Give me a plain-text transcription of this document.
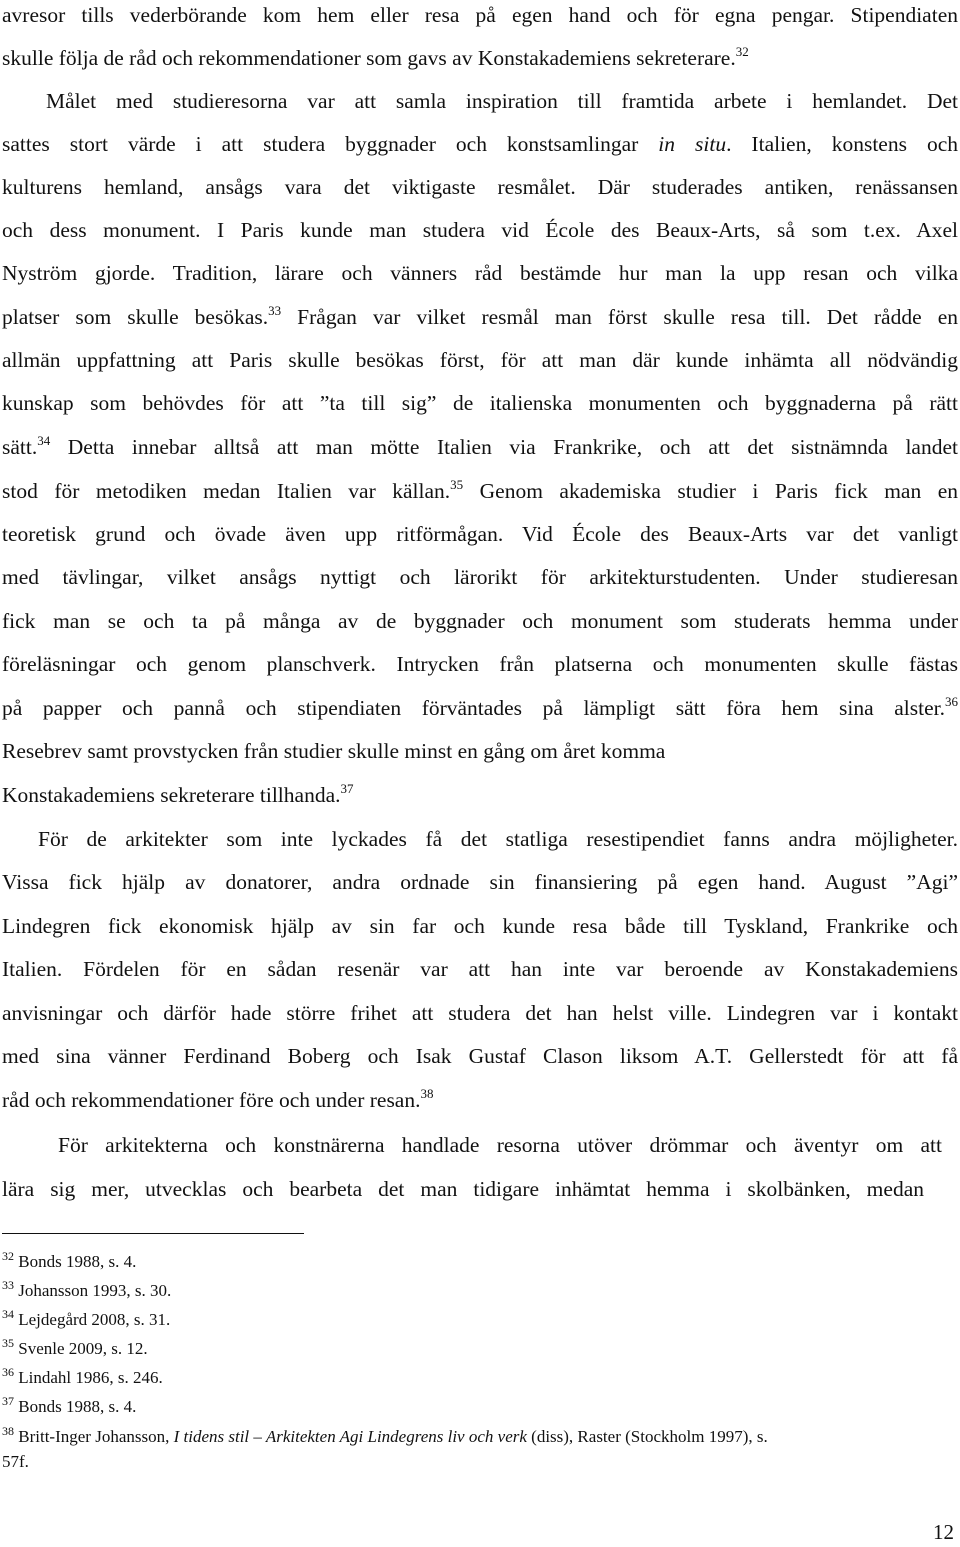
avresor tills vederbörande kom hem eller resa på egen hand och för egna pengar. Stipendiaten
skulle följa de råd och rekommendationer som gavs av Konstakademiens sekreterare.$^{32}$
Målet med studieresorna var att samla inspiration till framtida arbete i hemlandet. Det
sattes stort värde i att studera byggnader och konstsamlingar in situ. Italien, konstens och
kulturens hemland, ansågs vara det viktigaste resmålet. Där studerades antiken, renässansen
och dess monument. I Paris kunde man studera vid École des Beaux-Arts, så som t.ex. Axel
Nyström gjorde. Tradition, lärare och vänners råd bestämde hur man la upp resan och vilka
platser som skulle besökas.$^{33}$ Frågan var vilket resmål man först skulle resa till. Det rådde en
allmän uppfattning att Paris skulle besökas först, för att man där kunde inhämta all nödvändig
kunskap som behövdes för att ”ta till sig” de italienska monumenten och byggnaderna på rätt
sätt.$^{34}$ Detta innebar alltså att man mötte Italien via Frankrike, och att det sistnämnda landet
stod för metodiken medan Italien var källan.$^{35}$ Genom akademiska studier i Paris fick man en
teoretisk grund och övade även upp ritförmågan. Vid École des Beaux-Arts var det vanligt
med tävlingar, vilket ansågs nyttigt och lärorikt för arkitekturstudenten. Under studieresan
fick man se och ta på många av de byggnader och monument som studerats hemma under
föreläsningar och genom planschverk. Intrycken från platserna och monumenten skulle fästas
på papper och pannå och stipendiaten förväntades på lämpligt sätt föra hem sina alster.$^{36}$
Resebrev samt provstycken från studier skulle minst en gång om året komma
Konstakademiens sekreterare tillhanda.$^{37}$
För de arkitekter som inte lyckades få det statliga resestipendiet fanns andra möjligheter.
Vissa fick hjälp av donatorer, andra ordnade sin finansiering på egen hand. August ”Agi”
Lindegren fick ekonomisk hjälp av sin far och kunde resa både till Tyskland, Frankrike och
Italien. Fördelen för en sådan resenär var att han inte var beroende av Konstakademiens
anvisningar och därför hade större frihet att studera det han helst ville. Lindegren var i kontakt
med sina vänner Ferdinand Boberg och Isak Gustaf Clason liksom A.T. Gellerstedt för att få
råd och rekommendationer före och under resan.$^{38}$
För arkitekterna och konstnärerna handlade resorna utöver drömmar och äventyr om att
lära sig mer, utvecklas och bearbeta det man tidigare inhämtat hemma i skolbänken, medan
$^{32}$ Bonds 1988, s. 4.
$^{33}$ Johansson 1993, s. 30.
$^{34}$ Lejdegård 2008, s. 31.
$^{35}$ Svenle 2009, s. 12.
$^{36}$ Lindahl 1986, s. 246.
$^{37}$ Bonds 1988, s. 4.
$^{38}$ Britt-Inger Johansson, I tidens stil – Arkitekten Agi Lindegrens liv och verk (diss), Raster (Stockholm 1997), s.
57f.
12
